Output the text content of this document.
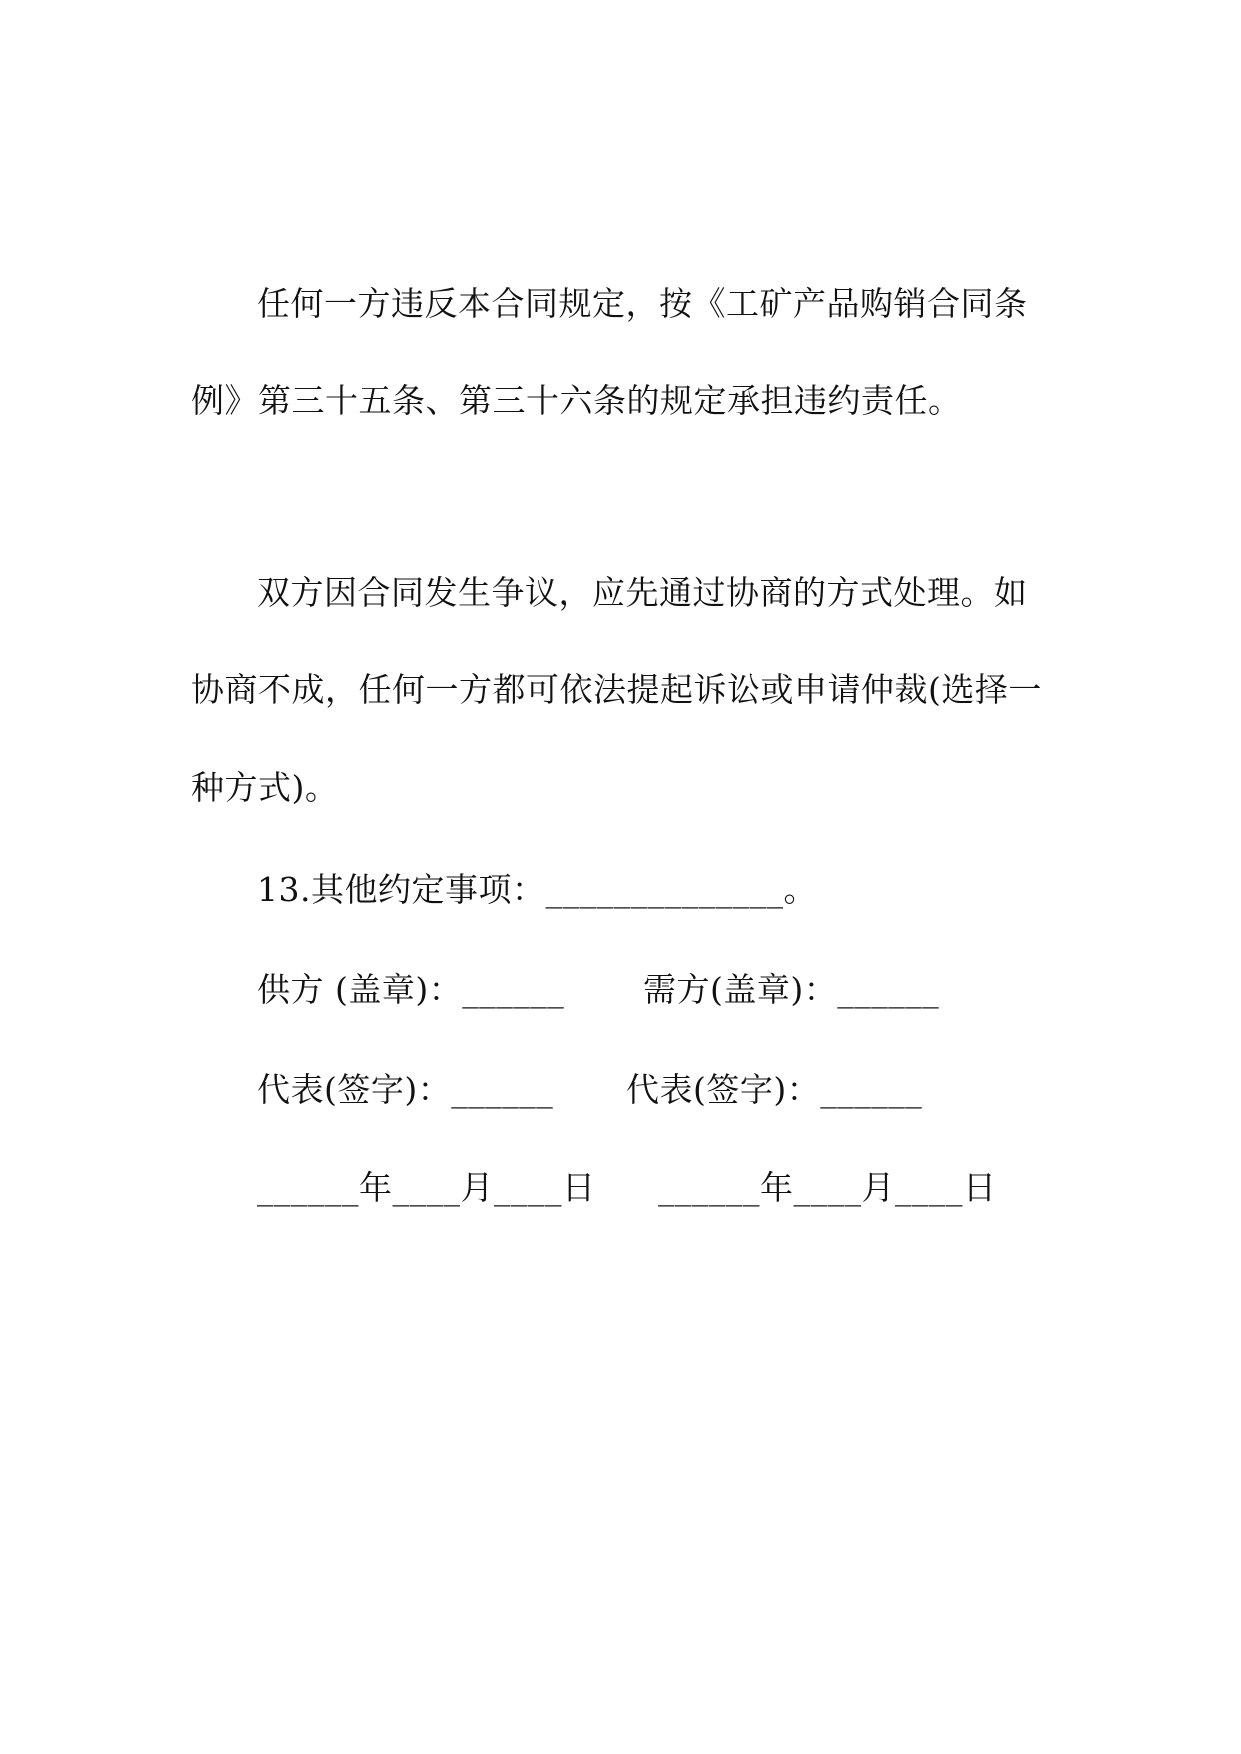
任何一方违反本合同规定，按《工矿产品购销合同条
例》第三十五条、第三十六条的规定承担违约责任。
双方因合同发生争议，应先通过协商的方式处理。如
协商不成，任何一方都可依法提起诉讼或申请仲裁(选择一
种方式)。
13.其他约定事项：______________。
供方 (盖章)：______ 需方(盖章)：______
代表(签字)：______ 代表(签字)：______
______年____月____日 ______年____月____日
